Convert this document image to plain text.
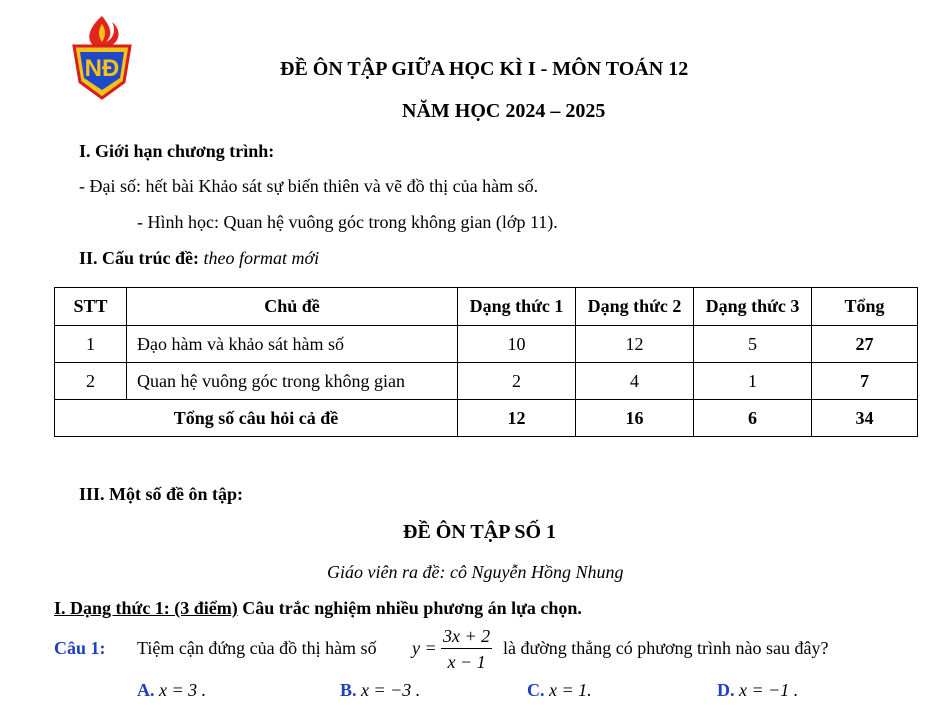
NĐ	ĐỀ ÔN TẬP GIỮA HỌC KÌ I - MÔN TOÁN 12
NĂM HỌC 2024 – 2025
I. Giới hạn chương trình:
- Đại số: hết bài Khảo sát sự biến thiên và vẽ đồ thị của hàm số.
- Hình học: Quan hệ vuông góc trong không gian (lớp 11).
II. Cấu trúc đề: theo format mới
STT	Chủ đề	Dạng thức 1	Dạng thức 2	Dạng thức 3	Tổng
1	Đạo hàm và khảo sát hàm số	10	12	5	27
2	Quan hệ vuông góc trong không gian	2	4	1	7
Tổng số câu hỏi cả đề		12	16	6	34
III. Một số đề ôn tập:
ĐỀ ÔN TẬP SỐ 1
Giáo viên ra đề: cô Nguyễn Hồng Nhung
I. Dạng thức 1: (3 điểm) Câu trắc nghiệm nhiều phương án lựa chọn.
Câu 1: Tiệm cận đứng của đồ thị hàm số $y = \frac{3x + 2}{x - 1}$ là đường thẳng có phương trình nào sau đây?
A. x = 3 .	B. x = −3 .	C. x = 1.	D. x = −1 .
